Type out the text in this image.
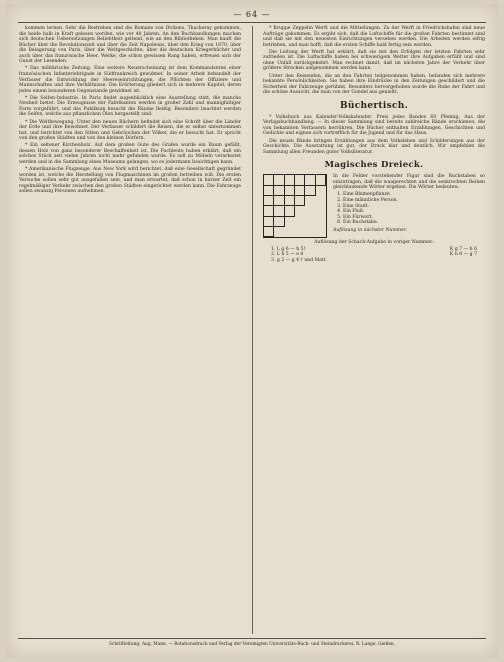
— 64 —

kommen lernen. Sehr die Bestreben sind die Romane von Dickens, Thackeray gekommen, die beide halb in Kraft gelesen werden, wie vor 40 Jahren. An den Buchhandlungen machen sich deutschen Uebersetzungen Beliebtheit geltend, wie an den Bibliotheken. Man kauft die Bücher über die Revolutionszeit und über die Zeit Napoleons, über den Krieg von 1870, über die Belagerung von Paris, über die Weltgeschichte, über die deutschen Kriegerbücher und auch über das französische Heer. Werke, die schon gewissen Rang haben, erfreuen sich der Gunst der Lesenden.

* Das militärische Zeitung. Eine weitere Neuerscheinung ist dem Kommandanten einer französischen Infanteriebrigade in Südfrankreich gewidmet. In seiner Arbeit behandelt der Verfasser die Entwicklung der Heereseinrichtungen, die Pflichten der Offiziere und Mannschaften und ihre Verhältnisse. Die Erörterung gliedert sich in mehrere Kapitel, deren jedes einem besonderen Gegenstande gewidmet ist.

* Die Seifen-Industrie. In Paris findet augenblicklich eine Ausstellung statt, die manche Neuheit bietet. Die Erzeugnisse der Fabrikanten werden in großer Zahl und mannigfaltiger Form vorgeführt, und das Publikum besucht die Räume fleißig. Besonders beachtet werden die Seifen, welche aus pflanzlichen Ölen hergestellt sind.

* Die Weltbewegung. Unter den neuen Büchern befindet sich eine Schrift über die Länder der Erde und ihre Bewohner. Der Verfasser schildert die Reisen, die er selbst unternommen hat, und berichtet von den Sitten und Gebräuchen der Völker, die er besucht hat. Er spricht von den großen Städten und von den kleinen Dörfern.

* Ein seltener Kirchenholz. Auf dem großen Gute des Grafen wurde ein Baum gefällt, dessen Holz von ganz besonderer Beschaffenheit ist. Die Fachleute haben erklärt, daß ein solches Stück seit vielen Jahren nicht mehr gefunden wurde. Es soll zu Möbeln verarbeitet werden und in die Sammlung eines Museums gelangen, wo es jedermann besichtigen kann.

* Amerikanische Flugzeuge. Aus New York wird berichtet, daß eine Gesellschaft gegründet worden ist, welche die Herstellung von Flugmaschinen im großen betreiben will. Die ersten Versuche sollen sehr gut ausgefallen sein, und man erwartet, daß schon in kurzer Zeit ein regelmäßiger Verkehr zwischen den großen Städten eingerichtet werden kann. Die Fahrzeuge sollen zwanzig Personen aufnehmen.

* Kruppe Zeppelin Werft und die Mitteilungen. Zu der Werft in Friedrichshafen sind neue Aufträge gekommen. Es ergibt sich, daß die Luftschiffe für die großen Fahrten bestimmt sind und daß sie mit den neuesten Einrichtungen versehen werden. Die Arbeiten werden eifrig betrieben, und man hofft, daß die ersten Schiffe bald fertig sein werden.

Die Leitung der Werft hat erklärt, daß sie mit den Erfolgen der letzten Fahrten sehr zufrieden ist. Die Luftschiffe haben bei schwierigem Wetter ihre Aufgaben erfüllt und sind ohne Unfall zurückgekehrt. Man rechnet damit, daß im nächsten Jahre der Verkehr über größere Strecken aufgenommen werden kann.

Unter den Reisenden, die an den Fahrten teilgenommen haben, befanden sich mehrere bekannte Persönlichkeiten. Sie haben ihre Eindrücke in den Zeitungen geschildert und die Sicherheit der Fahrzeuge gerühmt. Besonders hervorgehoben wurde die Ruhe der Fahrt und die schöne Aussicht, die man von der Gondel aus genießt.

Büchertisch.

* Volksbuch aus Kalender-Volkskalender. Preis jedes Bandes 60 Pfennig. Aus der Verlagsbuchhandlung. — In dieser Sammlung sind bereits zahlreiche Bände erschienen, die von bekannten Verfassern herrühren. Die Bücher enthalten Erzählungen, Geschichten und Gedichte und eignen sich vortrefflich für die Jugend und für das Haus.

Die neuen Bände bringen Erzählungen aus dem Volksleben und Schilderungen aus der Geschichte. Die Ausstattung ist gut, der Druck klar und deutlich. Wir empfehlen die Sammlung allen Freunden guter Volksliteratur.

Magisches Dreieck.

In die Felder vorstehender Figur sind die Buchstaben so einzutragen, daß die waagerechten und die senkrechten Reihen gleichlautende Wörter ergeben. Die Wörter bedeuten:

1. Eine Blumenpflanze.
2. Eine männliche Person.
3. Eine Stadt.
4. Ein Fluß.
5. Ein Fürwort.
6. Ein Buchstabe.

Auflösung in nächster Nummer.

Auflösung der Schach-Aufgabe in voriger Nummer:
1. L g 6 — h 5!	K g 7 — h 6
2. L h 5 — e 8	K h 6 — g 7
3. g 2 — g 4 † und Matt.
Schriftleitung: Aug. Mann. — Rotationsdruck und Verlag der Vereinigten Universitäts-Buch- und Steindruckerei, R. Lange, Gießen.
